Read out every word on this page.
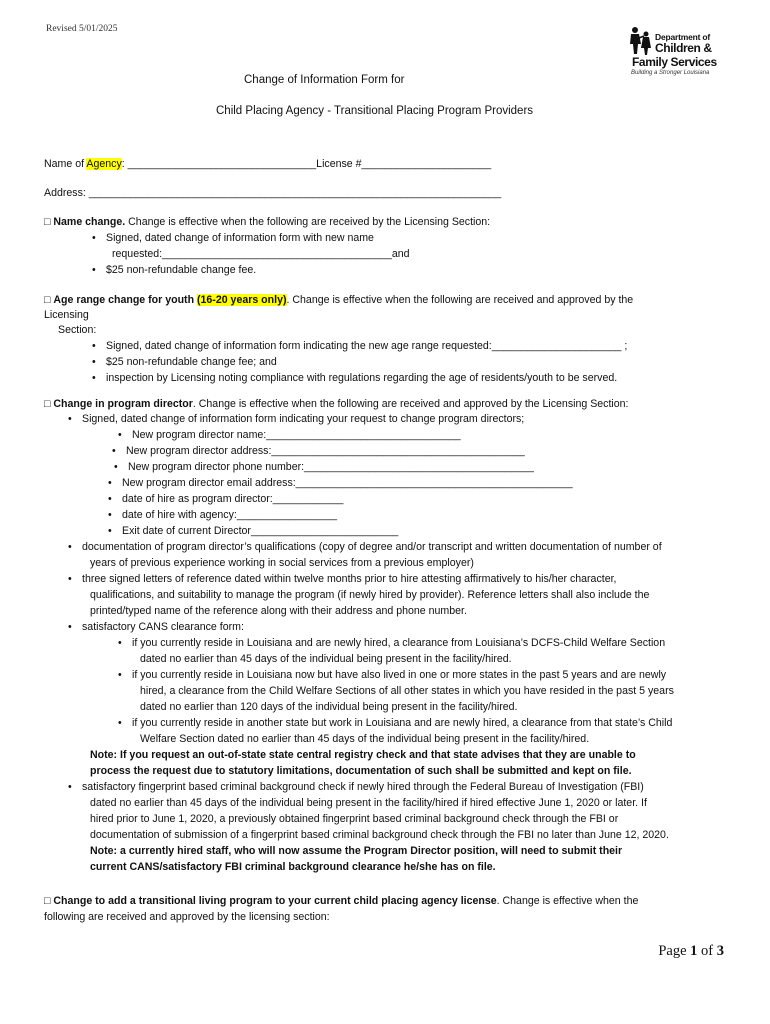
Revised 5/01/2025
Department of
Children &
Family Services
Building a Stronger Louisiana
Change of Information Form for
Child Placing Agency - Transitional Placing Program Providers
Name of Agency: ________________________________License #______________________
Address: ______________________________________________________________________
□ Name change. Change is effective when the following are received by the Licensing Section:
• Signed, dated change of information form with new name
requested:_______________________________________and
• $25 non-refundable change fee.
□ Age range change for youth (16-20 years only). Change is effective when the following are received and approved by the
Licensing
Section:
• Signed, dated change of information form indicating the new age range requested:______________________ ;
• $25 non-refundable change fee; and
• inspection by Licensing noting compliance with regulations regarding the age of residents/youth to be served.
□ Change in program director. Change is effective when the following are received and approved by the Licensing Section:
• Signed, dated change of information form indicating your request to change program directors;
• New program director name:_________________________________
• New program director address:___________________________________________
• New program director phone number:_______________________________________
• New program director email address:_______________________________________________
• date of hire as program director:____________
• date of hire with agency:_________________
• Exit date of current Director_________________________
• documentation of program director’s qualifications (copy of degree and/or transcript and written documentation of number of
years of previous experience working in social services from a previous employer)
• three signed letters of reference dated within twelve months prior to hire attesting affirmatively to his/her character,
qualifications, and suitability to manage the program (if newly hired by provider). Reference letters shall also include the
printed/typed name of the reference along with their address and phone number.
• satisfactory CANS clearance form:
• if you currently reside in Louisiana and are newly hired, a clearance from Louisiana’s DCFS-Child Welfare Section
dated no earlier than 45 days of the individual being present in the facility/hired.
• if you currently reside in Louisiana now but have also lived in one or more states in the past 5 years and are newly
hired, a clearance from the Child Welfare Sections of all other states in which you have resided in the past 5 years
dated no earlier than 120 days of the individual being present in the facility/hired.
• if you currently reside in another state but work in Louisiana and are newly hired, a clearance from that state’s Child
Welfare Section dated no earlier than 45 days of the individual being present in the facility/hired.
Note: If you request an out-of-state state central registry check and that state advises that they are unable to
process the request due to statutory limitations, documentation of such shall be submitted and kept on file.
• satisfactory fingerprint based criminal background check if newly hired through the Federal Bureau of Investigation (FBI)
dated no earlier than 45 days of the individual being present in the facility/hired if hired effective June 1, 2020 or later. If
hired prior to June 1, 2020, a previously obtained fingerprint based criminal background check through the FBI or
documentation of submission of a fingerprint based criminal background check through the FBI no later than June 12, 2020.
Note: a currently hired staff, who will now assume the Program Director position, will need to submit their
current CANS/satisfactory FBI criminal background clearance he/she has on file.
□ Change to add a transitional living program to your current child placing agency license. Change is effective when the
following are received and approved by the licensing section:
Page 1 of 3
